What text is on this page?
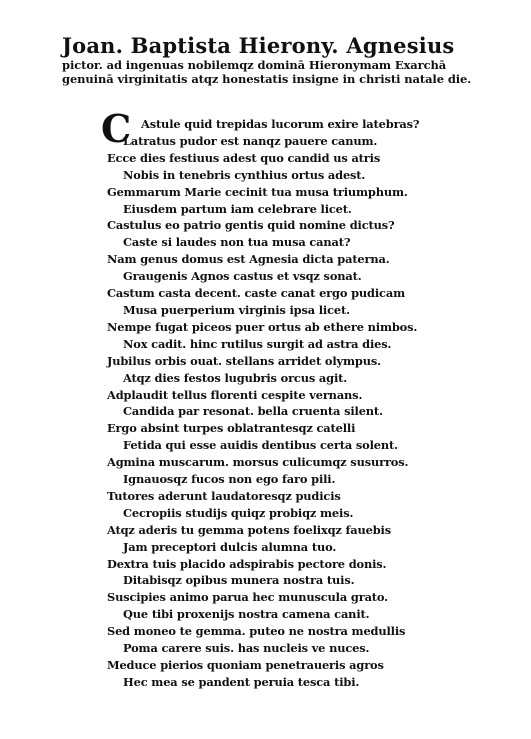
Joan. Baptista Hierony. Agnesius
pictor. ad ingenuas nobilemqz dominā Hieronymam Exarchā
genuinā virginitatis atqz honestatis insigne in christi natale die.
C Astule quid trepidas lucorum exire latebras?
Latratus pudor est nanqz pauere canum.
Ecce dies festiuus adest quo candid us atris
Nobis in tenebris cynthius ortus adest.
Gemmarum Marie cecinit tua musa triumphum.
Eiusdem partum iam celebrare licet.
Castulus eo patrio gentis quid nomine dictus?
Caste si laudes non tua musa canat?
Nam genus domus est Agnesia dicta paterna.
Graugenis Agnos castus et vsqz sonat.
Castum casta decent. caste canat ergo pudicam
Musa puerperium virginis ipsa licet.
Nempe fugat piceos puer ortus ab ethere nimbos.
Nox cadit. hinc rutilus surgit ad astra dies.
Jubilus orbis ouat. stellans arridet olympus.
Atqz dies festos lugubris orcus agit.
Adplaudit tellus florenti cespite vernans.
Candida par resonat. bella cruenta silent.
Ergo absint turpes oblatrantesqz catelli
Fetida qui esse auidis dentibus certa solent.
Agmina muscarum. morsus culicumqz susurros.
Ignauosqz fucos non ego faro pili.
Tutores aderunt laudatoresqz pudicis
Cecropiis studijs quiqz probiqz meis.
Atqz aderis tu gemma potens foelixqz fauebis
Jam preceptori dulcis alumna tuo.
Dextra tuis placido adspirabis pectore donis.
Ditabisqz opibus munera nostra tuis.
Suscipies animo parua hec munuscula grato.
Que tibi proxenijs nostra camena canit.
Sed moneo te gemma. puteo ne nostra medullis
Poma carere suis. has nucleis ve nuces.
Meduce pierios quoniam penetraueris agros
Hec mea se pandent peruia tesca tibi.
